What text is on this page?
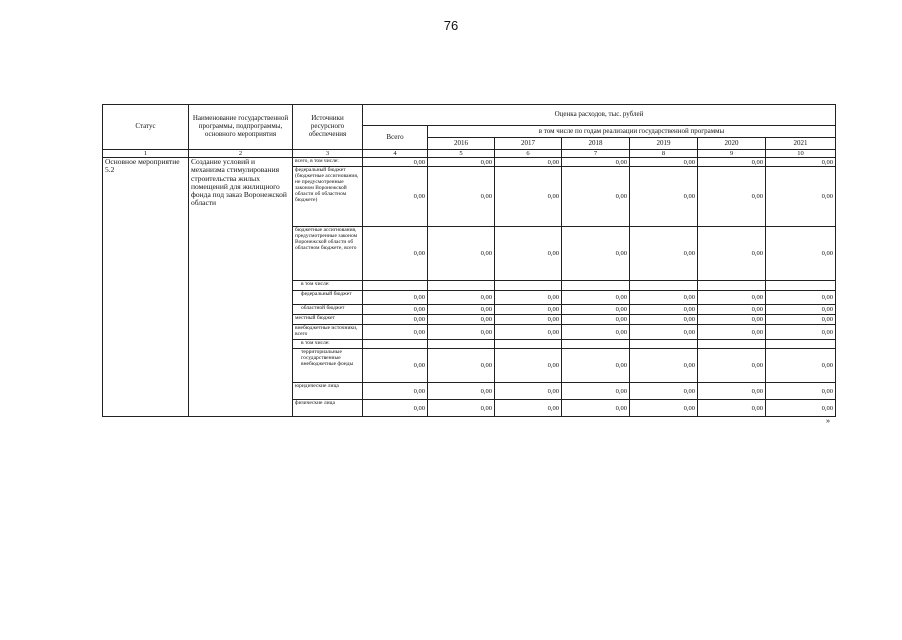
76
Статус	Наименование государственной программы, подпрограммы, основного мероприятия	Источники ресурсного обеспечения	Оценка расходов, тыс. рублей						
			Всего	в том числе по годам реализации государственной программы					
				2016	2017	2018	2019	2020	2021
1	2	3	4	5	6	7	8	9	10
Основное мероприятие 5.2	Создание условий и механизма стимулирования строительства жилых помещений для жилищного фонда под заказ Воронежской области	всего, в том числе:	0,00	0,00	0,00	0,00	0,00	0,00	0,00
		федеральный бюджет (бюджетные ассигнования, не предусмотренные законом Воронежской области об областном бюджете)	0,00	0,00	0,00	0,00	0,00	0,00	0,00
		бюджетные ассигнования, предусмотренные законом Воронежской области об областном бюджете, всего	0,00	0,00	0,00	0,00	0,00	0,00	0,00
		в том числе:							
		федеральный бюджет	0,00	0,00	0,00	0,00	0,00	0,00	0,00
		областной бюджет	0,00	0,00	0,00	0,00	0,00	0,00	0,00
		местный бюджет	0,00	0,00	0,00	0,00	0,00	0,00	0,00
		внебюджетные источники, всего	0,00	0,00	0,00	0,00	0,00	0,00	0,00
		в том числе:							
		территориальные государственные внебюджетные фонды	0,00	0,00	0,00	0,00	0,00	0,00	0,00
		юридические лица	0,00	0,00	0,00	0,00	0,00	0,00	0,00
		физические лица	0,00	0,00	0,00	0,00	0,00	0,00	0,00
»
